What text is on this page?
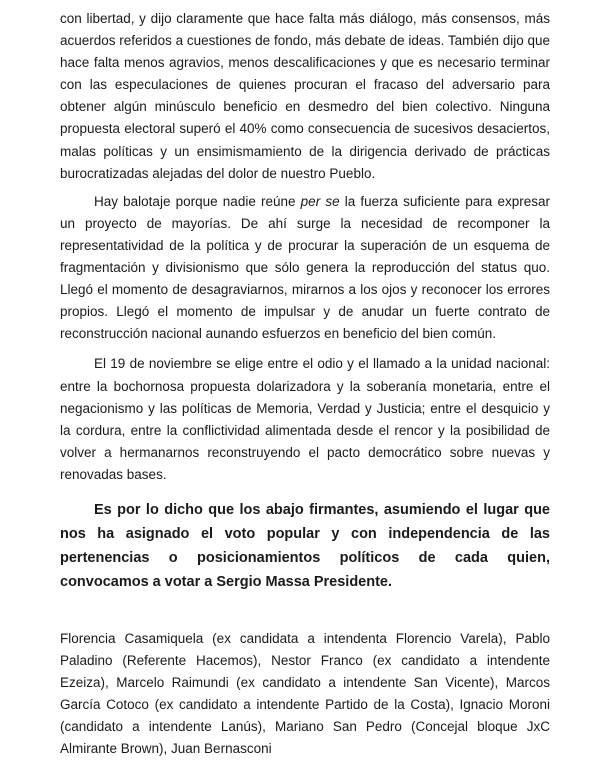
con libertad, y dijo claramente que hace falta más diálogo, más consensos, más acuerdos referidos a cuestiones de fondo, más debate de ideas. También dijo que hace falta menos agravios, menos descalificaciones y que es necesario terminar con las especulaciones de quienes procuran el fracaso del adversario para obtener algún minúsculo beneficio en desmedro del bien colectivo. Ninguna propuesta electoral superó el 40% como consecuencia de sucesivos desaciertos, malas políticas y un ensimismamiento de la dirigencia derivado de prácticas burocratizadas alejadas del dolor de nuestro Pueblo.

Hay balotaje porque nadie reúne per se la fuerza suficiente para expresar un proyecto de mayorías. De ahí surge la necesidad de recomponer la representatividad de la política y de procurar la superación de un esquema de fragmentación y divisionismo que sólo genera la reproducción del status quo. Llegó el momento de desagraviarnos, mirarnos a los ojos y reconocer los errores propios. Llegó el momento de impulsar y de anudar un fuerte contrato de reconstrucción nacional aunando esfuerzos en beneficio del bien común.

El 19 de noviembre se elige entre el odio y el llamado a la unidad nacional: entre la bochornosa propuesta dolarizadora y la soberanía monetaria, entre el negacionismo y las políticas de Memoria, Verdad y Justicia; entre el desquicio y la cordura, entre la conflictividad alimentada desde el rencor y la posibilidad de volver a hermanarnos reconstruyendo el pacto democrático sobre nuevas y renovadas bases.

Es por lo dicho que los abajo firmantes, asumiendo el lugar que nos ha asignado el voto popular y con independencia de las pertenencias o posicionamientos políticos de cada quien, convocamos a votar a Sergio Massa Presidente.

Florencia Casamiquela (ex candidata a intendenta Florencio Varela), Pablo Paladino (Referente Hacemos), Nestor Franco (ex candidato a intendente Ezeiza), Marcelo Raimundi (ex candidato a intendente San Vicente), Marcos García Cotoco (ex candidato a intendente Partido de la Costa), Ignacio Moroni (candidato a intendente Lanús), Mariano San Pedro (Concejal bloque JxC Almirante Brown), Juan Bernasconi
